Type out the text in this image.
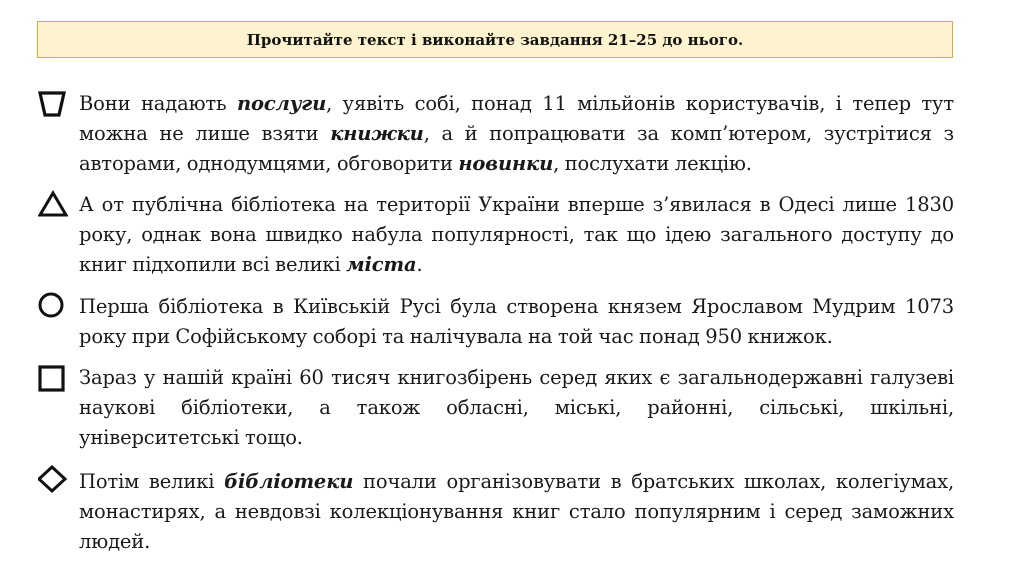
Прочитайте текст і виконайте завдання 21–25 до нього.
Вони надають послуги, уявіть собі, понад 11 мільйонів користувачів, і тепер тут можна не лише взяти книжки, а й попрацювати за комп’ютером, зустрітися з авторами, однодумцями, обговорити новинки, послухати лекцію.
А от публічна бібліотека на території України вперше з’явилася в Одесі лише 1830 року, однак вона швидко набула популярності, так що ідею загального доступу до книг підхопили всі великі міста.
Перша бібліотека в Київській Русі була створена князем Ярославом Мудрим 1073 року при Софійському соборі та налічувала на той час понад 950 книжок.
Зараз у нашій країні 60 тисяч книгозбірень серед яких є загальнодержавні галузеві наукові бібліотеки, а також обласні, міські, районні, сільські, шкільні, університетські тощо.
Потім великі бібліотеки почали організовувати в братських школах, колегіумах, монастирях, а невдовзі колекціонування книг стало популярним і серед заможних людей.
